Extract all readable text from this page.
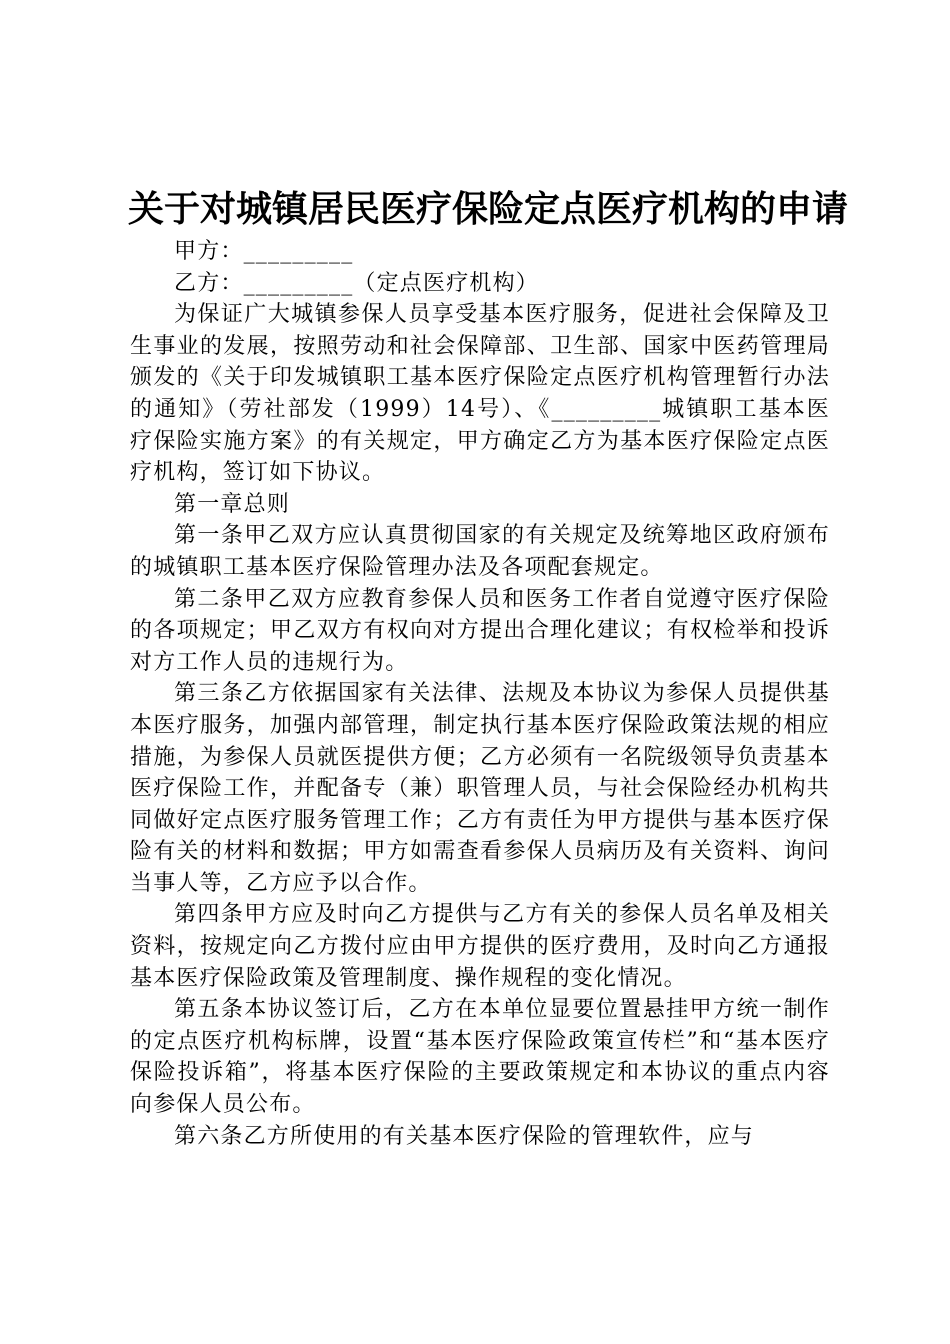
关于对城镇居民医疗保险定点医疗机构的申请

甲方：_________

乙方：_________（定点医疗机构）

为保证广大城镇参保人员享受基本医疗服务，促进社会保障及卫生事业的发展，按照劳动和社会保障部、卫生部、国家中医药管理局颁发的《关于印发城镇职工基本医疗保险定点医疗机构管理暂行办法的通知》（劳社部发（1999）14号）、《_________城镇职工基本医疗保险实施方案》的有关规定，甲方确定乙方为基本医疗保险定点医疗机构，签订如下协议。

第一章总则

第一条甲乙双方应认真贯彻国家的有关规定及统筹地区政府颁布的城镇职工基本医疗保险管理办法及各项配套规定。

第二条甲乙双方应教育参保人员和医务工作者自觉遵守医疗保险的各项规定；甲乙双方有权向对方提出合理化建议；有权检举和投诉对方工作人员的违规行为。

第三条乙方依据国家有关法律、法规及本协议为参保人员提供基本医疗服务，加强内部管理，制定执行基本医疗保险政策法规的相应措施，为参保人员就医提供方便；乙方必须有一名院级领导负责基本医疗保险工作，并配备专（兼）职管理人员，与社会保险经办机构共同做好定点医疗服务管理工作；乙方有责任为甲方提供与基本医疗保险有关的材料和数据；甲方如需查看参保人员病历及有关资料、询问当事人等，乙方应予以合作。

第四条甲方应及时向乙方提供与乙方有关的参保人员名单及相关资料，按规定向乙方拨付应由甲方提供的医疗费用，及时向乙方通报基本医疗保险政策及管理制度、操作规程的变化情况。

第五条本协议签订后，乙方在本单位显要位置悬挂甲方统一制作的定点医疗机构标牌，设置“基本医疗保险政策宣传栏”和“基本医疗保险投诉箱”，将基本医疗保险的主要政策规定和本协议的重点内容向参保人员公布。

第六条乙方所使用的有关基本医疗保险的管理软件，应与
